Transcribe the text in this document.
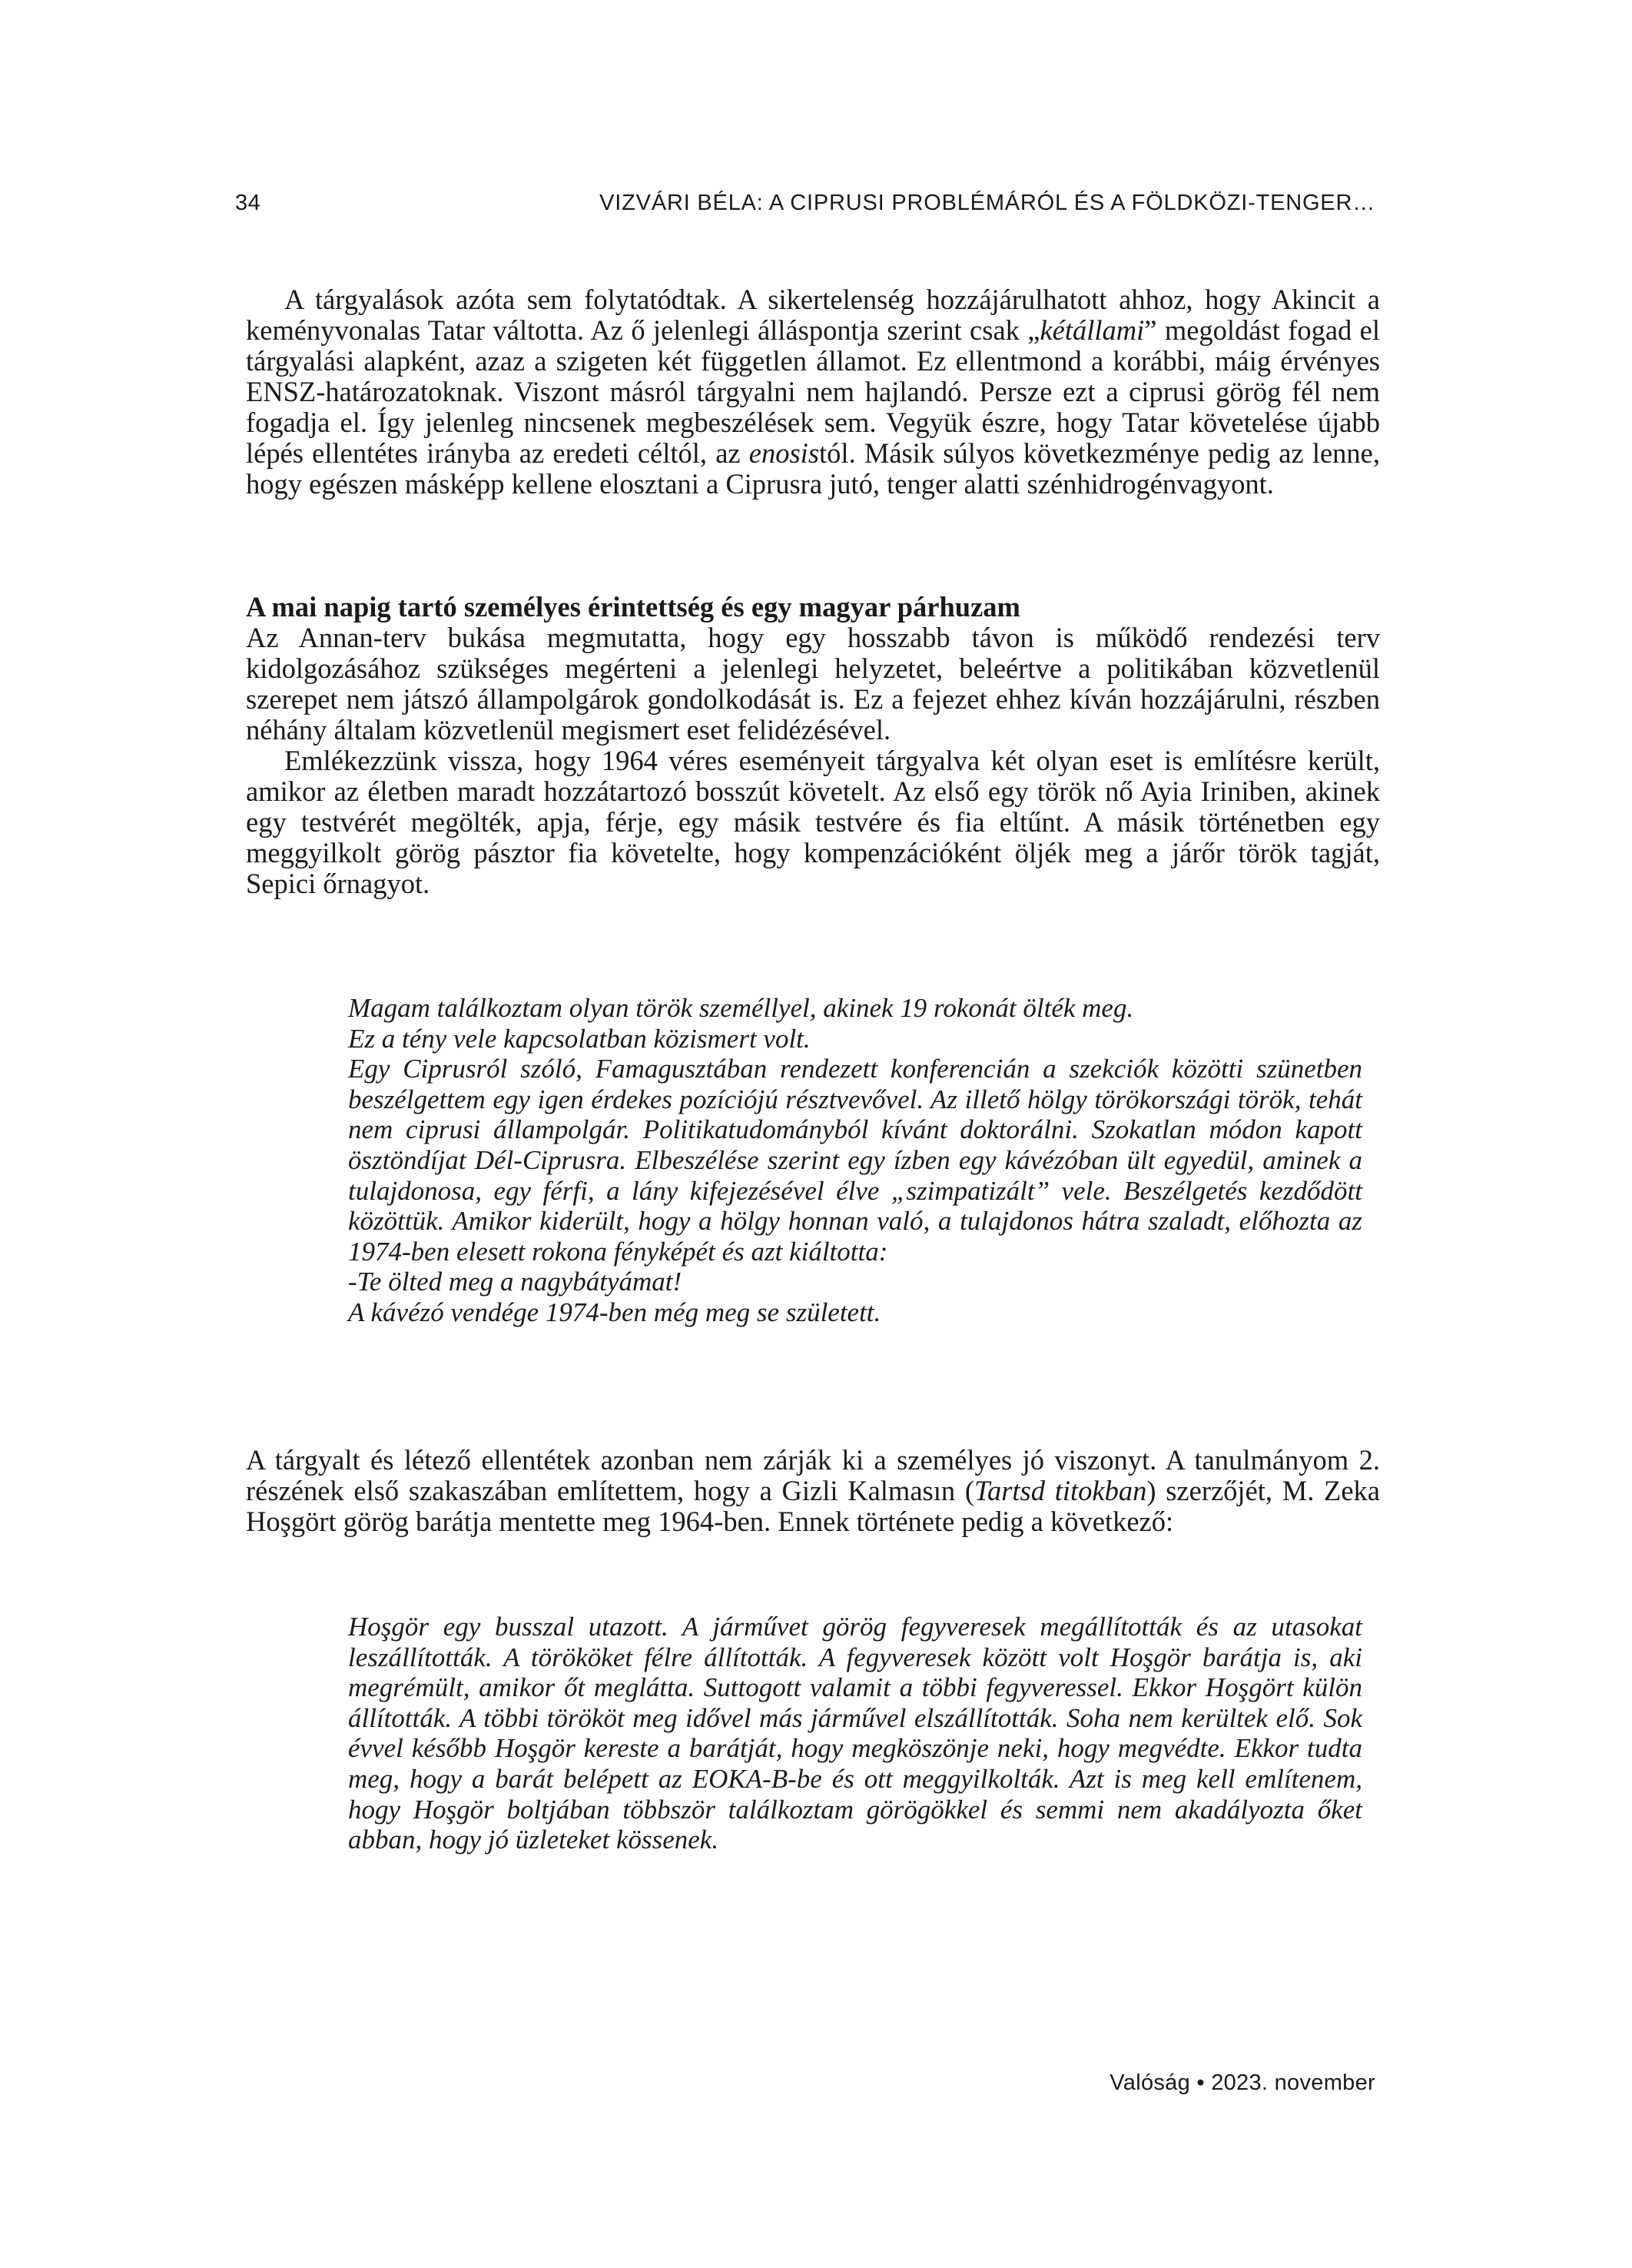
34	VIZVÁRI BÉLA: A CIPRUSI PROBLÉMÁRÓL ÉS A FÖLDKÖZI-TENGER…

A tárgyalások azóta sem folytatódtak. A sikertelenség hozzájárulhatott ahhoz, hogy Akincit a keményvonalas Tatar váltotta. Az ő jelenlegi álláspontja szerint csak „kétállami” megoldást fogad el tárgyalási alapként, azaz a szigeten két független államot. Ez ellentmond a korábbi, máig érvényes ENSZ-határozatoknak. Viszont másról tárgyalni nem hajlandó. Persze ezt a ciprusi görög fél nem fogadja el. Így jelenleg nincsenek megbeszélések sem. Vegyük észre, hogy Tatar követelése újabb lépés ellentétes irányba az eredeti céltól, az enosistól. Másik súlyos következménye pedig az lenne, hogy egészen másképp kellene elosztani a Ciprusra jutó, tenger alatti szénhidrogénvagyont.

A mai napig tartó személyes érintettség és egy magyar párhuzam

Az Annan-terv bukása megmutatta, hogy egy hosszabb távon is működő rendezési terv kidolgozásához szükséges megérteni a jelenlegi helyzetet, beleértve a politikában közvetlenül szerepet nem játszó állampolgárok gondolkodását is. Ez a fejezet ehhez kíván hozzájárulni, részben néhány általam közvetlenül megismert eset felidézésével.

Emlékezzünk vissza, hogy 1964 véres eseményeit tárgyalva két olyan eset is említésre került, amikor az életben maradt hozzátartozó bosszút követelt. Az első egy török nő Ayia Iriniben, akinek egy testvérét megölték, apja, férje, egy másik testvére és fia eltűnt. A másik történetben egy meggyilkolt görög pásztor fia követelte, hogy kompenzációként öljék meg a járőr török tagját, Sepici őrnagyot.

Magam találkoztam olyan török személlyel, akinek 19 rokonát ölték meg.
Ez a tény vele kapcsolatban közismert volt.

Egy Ciprusról szóló, Famagusztában rendezett konferencián a szekciók közötti szünetben beszélgettem egy igen érdekes pozíciójú résztvevővel. Az illető hölgy törökországi török, tehát nem ciprusi állampolgár. Politikatudományból kívánt doktorálni. Szokatlan módon kapott ösztöndíjat Dél-Ciprusra. Elbeszélése szerint egy ízben egy kávézóban ült egyedül, aminek a tulajdonosa, egy férfi, a lány kifejezésével élve „szimpatizált” vele. Beszélgetés kezdődött közöttük. Amikor kiderült, hogy a hölgy honnan való, a tulajdonos hátra szaladt, előhozta az 1974-ben elesett rokona fényképét és azt kiáltotta:

-Te ölted meg a nagybátyámat!
A kávézó vendége 1974-ben még meg se született.

A tárgyalt és létező ellentétek azonban nem zárják ki a személyes jó viszonyt. A tanulmányom 2. részének első szakaszában említettem, hogy a Gizli Kalmasın (Tartsd titokban) szerzőjét, M. Zeka Hoşgört görög barátja mentette meg 1964-ben. Ennek története pedig a következő:

Hoşgör egy busszal utazott. A járművet görög fegyveresek megállították és az utasokat leszállították. A törököket félre állították. A fegyveresek között volt Hoşgör barátja is, aki megrémült, amikor őt meglátta. Suttogott valamit a többi fegyveressel. Ekkor Hoşgört külön állították. A többi törököt meg idővel más járművel elszállították. Soha nem kerültek elő. Sok évvel később Hoşgör kereste a barátját, hogy megköszönje neki, hogy megvédte. Ekkor tudta meg, hogy a barát belépett az EOKA-B-be és ott meggyilkolták. Azt is meg kell említenem, hogy Hoşgör boltjában többször találkoztam görögökkel és semmi nem akadályozta őket abban, hogy jó üzleteket kössenek.

Valóság • 2023. november
